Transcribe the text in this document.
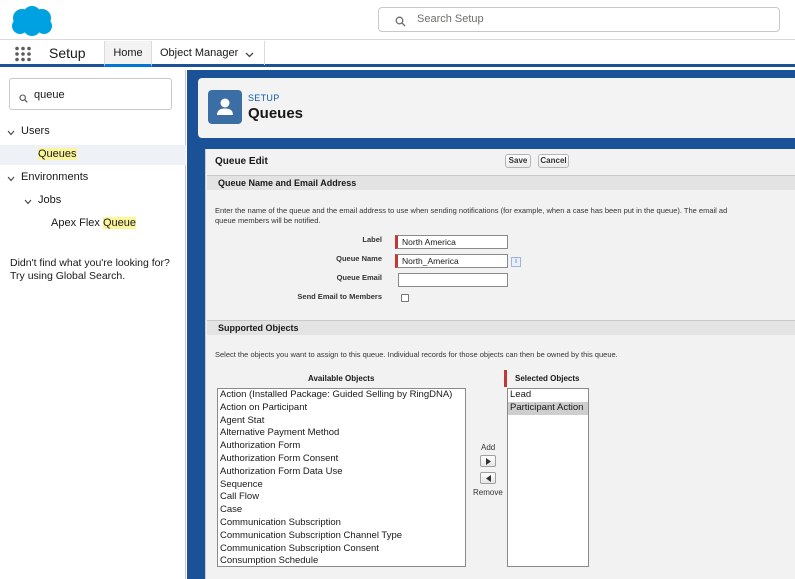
Search Setup
Setup	Home	Object Manager
queue
Users
Queues
Environments
Jobs
Apex Flex Queue
Didn't find what you're looking for?
Try using Global Search.
SETUP
Queues
Queue Edit	Save	Cancel
Queue Name and Email Address
Enter the name of the queue and the email address to use when sending notifications (for example, when a case has been put in the queue). The email ad
queue members will be notified.
Label	North America
Queue Name	North_America	i
Queue Email
Send Email to Members
Supported Objects
Select the objects you want to assign to this queue. Individual records for those objects can then be owned by this queue.
Available Objects	Selected Objects
Action (Installed Package: Guided Selling by RingDNA)
Action on Participant
Agent Stat
Alternative Payment Method
Authorization Form
Authorization Form Consent
Authorization Form Data Use
Sequence
Call Flow
Case
Communication Subscription
Communication Subscription Channel Type
Communication Subscription Consent
Consumption Schedule
Add
Remove
Lead
Participant Action
